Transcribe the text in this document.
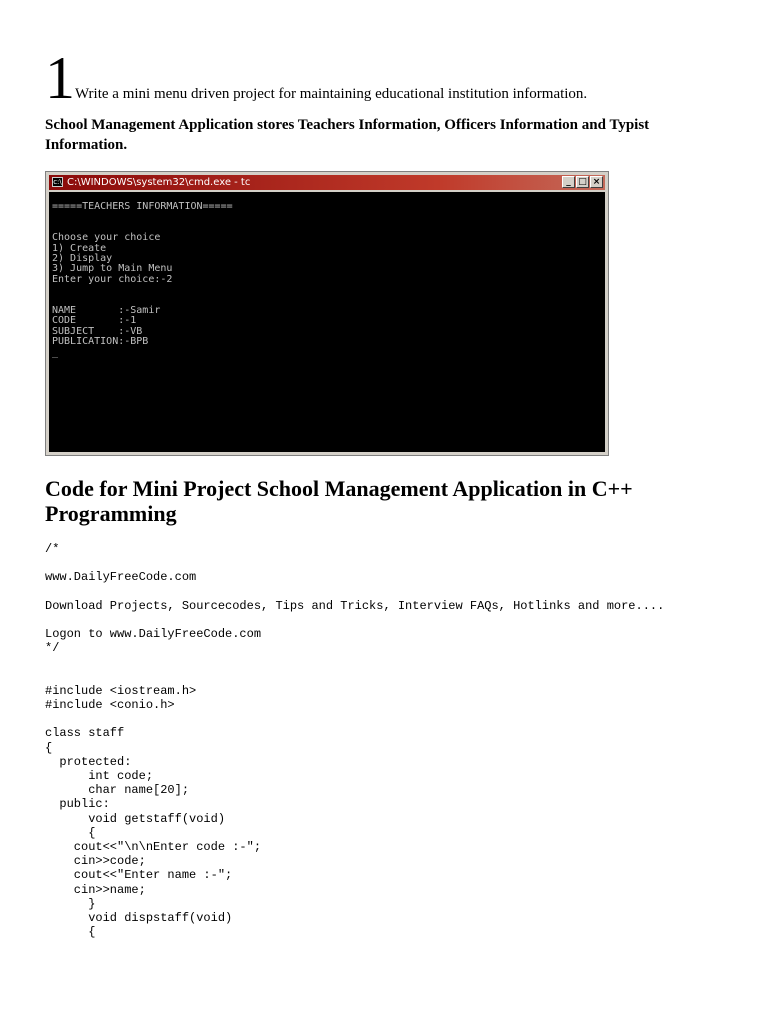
1Write a mini menu driven project for maintaining educational institution information.
School Management Application stores Teachers Information, Officers Information and Typist Information.
c:\ C:\WINDOWS\system32\cmd.exe - tc	_ □ ×
=====TEACHERS INFORMATION=====

Choose your choice
1) Create
2) Display
3) Jump to Main Menu
Enter your choice:-2

NAME       :-Samir
CODE       :-1
SUBJECT    :-VB
PUBLICATION:-BPB
_
Code for Mini Project School Management Application in C++ Programming
/*

www.DailyFreeCode.com

Download Projects, Sourcecodes, Tips and Tricks, Interview FAQs, Hotlinks and more....

Logon to www.DailyFreeCode.com
*/

#include <iostream.h>
#include <conio.h>

class staff
{
protected:
int code;
char name[20];
public:
void getstaff(void)
{
cout<<"\n\nEnter code :-";
cin>>code;
cout<<"Enter name :-";
cin>>name;
}
void dispstaff(void)
{
